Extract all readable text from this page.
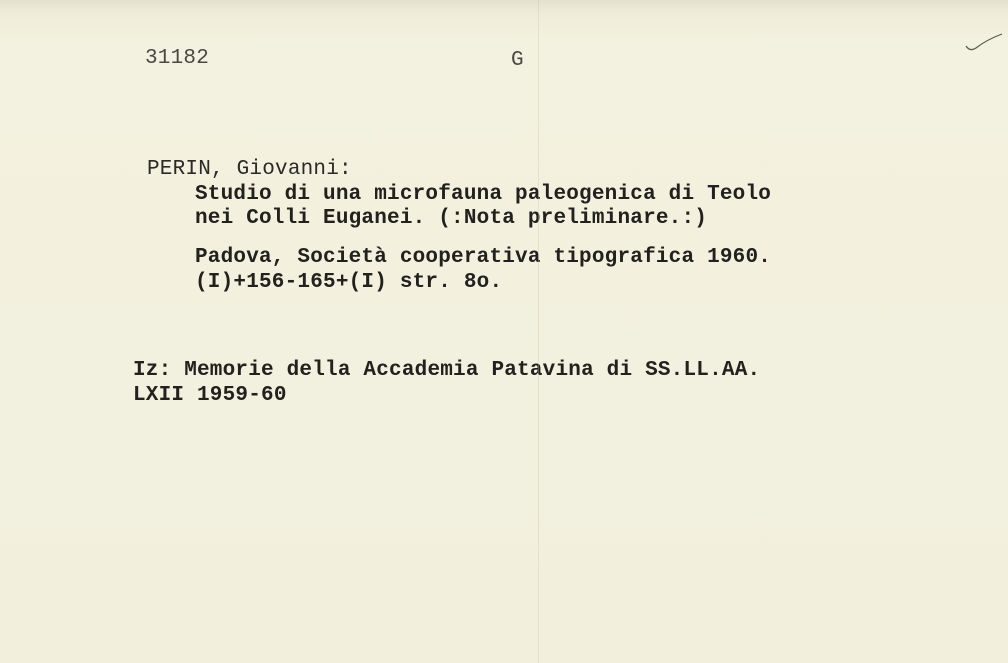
31182	G

PERIN, Giovanni:

Studio di una microfauna paleogenica di Teolo

nei Colli Euganei. (:Nota preliminare.:)

Padova, Società cooperativa tipografica 1960.

(I)+156-165+(I) str. 8o.

Iz: Memorie della Accademia Patavina di SS.LL.AA.

LXII 1959-60
